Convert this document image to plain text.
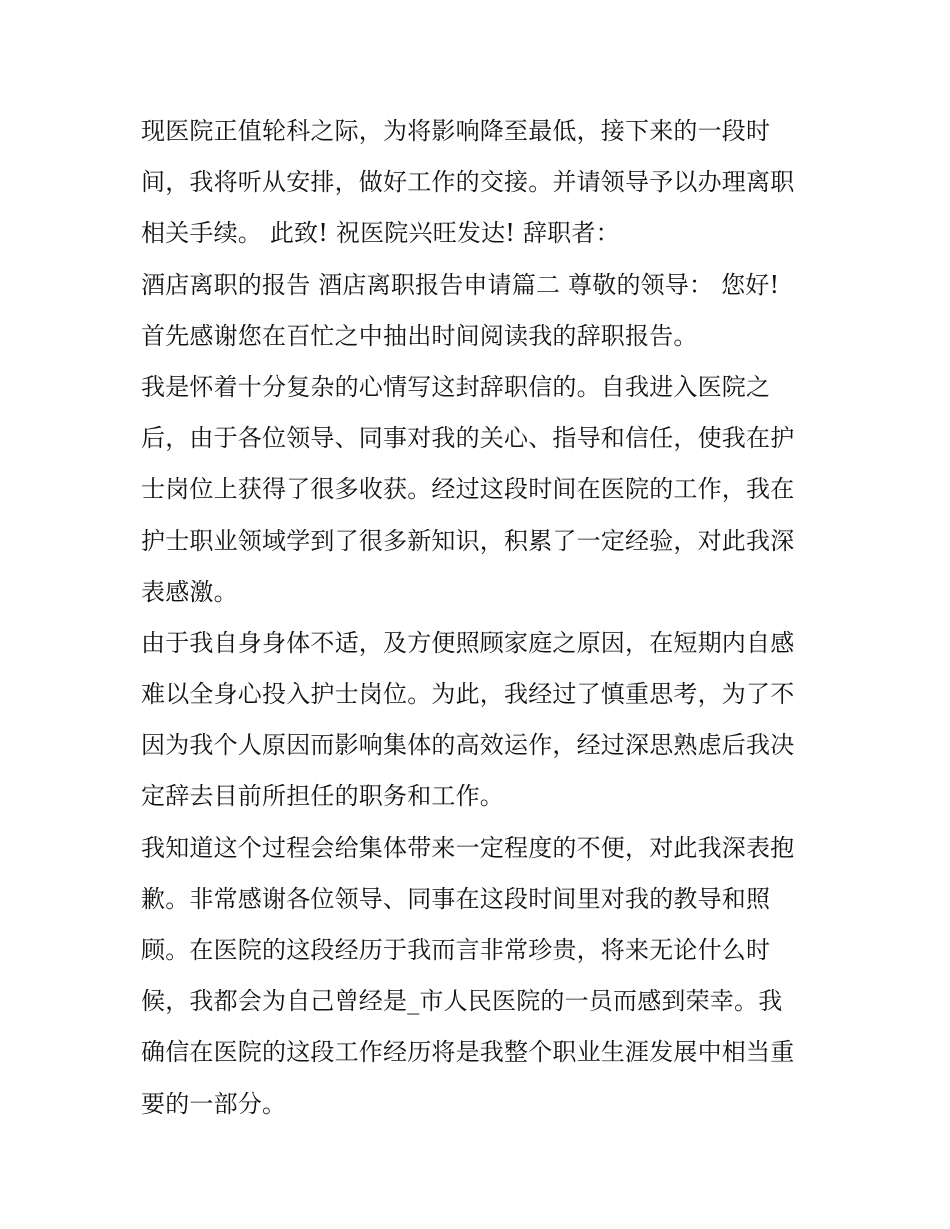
现医院正值轮科之际，为将影响降至最低，接下来的一段时
间，我将听从安排，做好工作的交接。并请领导予以办理离职
相关手续。 此致! 祝医院兴旺发达! 辞职者：
酒店离职的报告 酒店离职报告申请篇二 尊敬的领导： 您好!
首先感谢您在百忙之中抽出时间阅读我的辞职报告。
我是怀着十分复杂的心情写这封辞职信的。自我进入医院之
后，由于各位领导、同事对我的关心、指导和信任，使我在护
士岗位上获得了很多收获。经过这段时间在医院的工作，我在
护士职业领域学到了很多新知识，积累了一定经验，对此我深
表感激。
由于我自身身体不适，及方便照顾家庭之原因，在短期内自感
难以全身心投入护士岗位。为此，我经过了慎重思考，为了不
因为我个人原因而影响集体的高效运作，经过深思熟虑后我决
定辞去目前所担任的职务和工作。
我知道这个过程会给集体带来一定程度的不便，对此我深表抱
歉。非常感谢各位领导、同事在这段时间里对我的教导和照
顾。在医院的这段经历于我而言非常珍贵，将来无论什么时
候，我都会为自己曾经是_市人民医院的一员而感到荣幸。我
确信在医院的这段工作经历将是我整个职业生涯发展中相当重
要的一部分。
